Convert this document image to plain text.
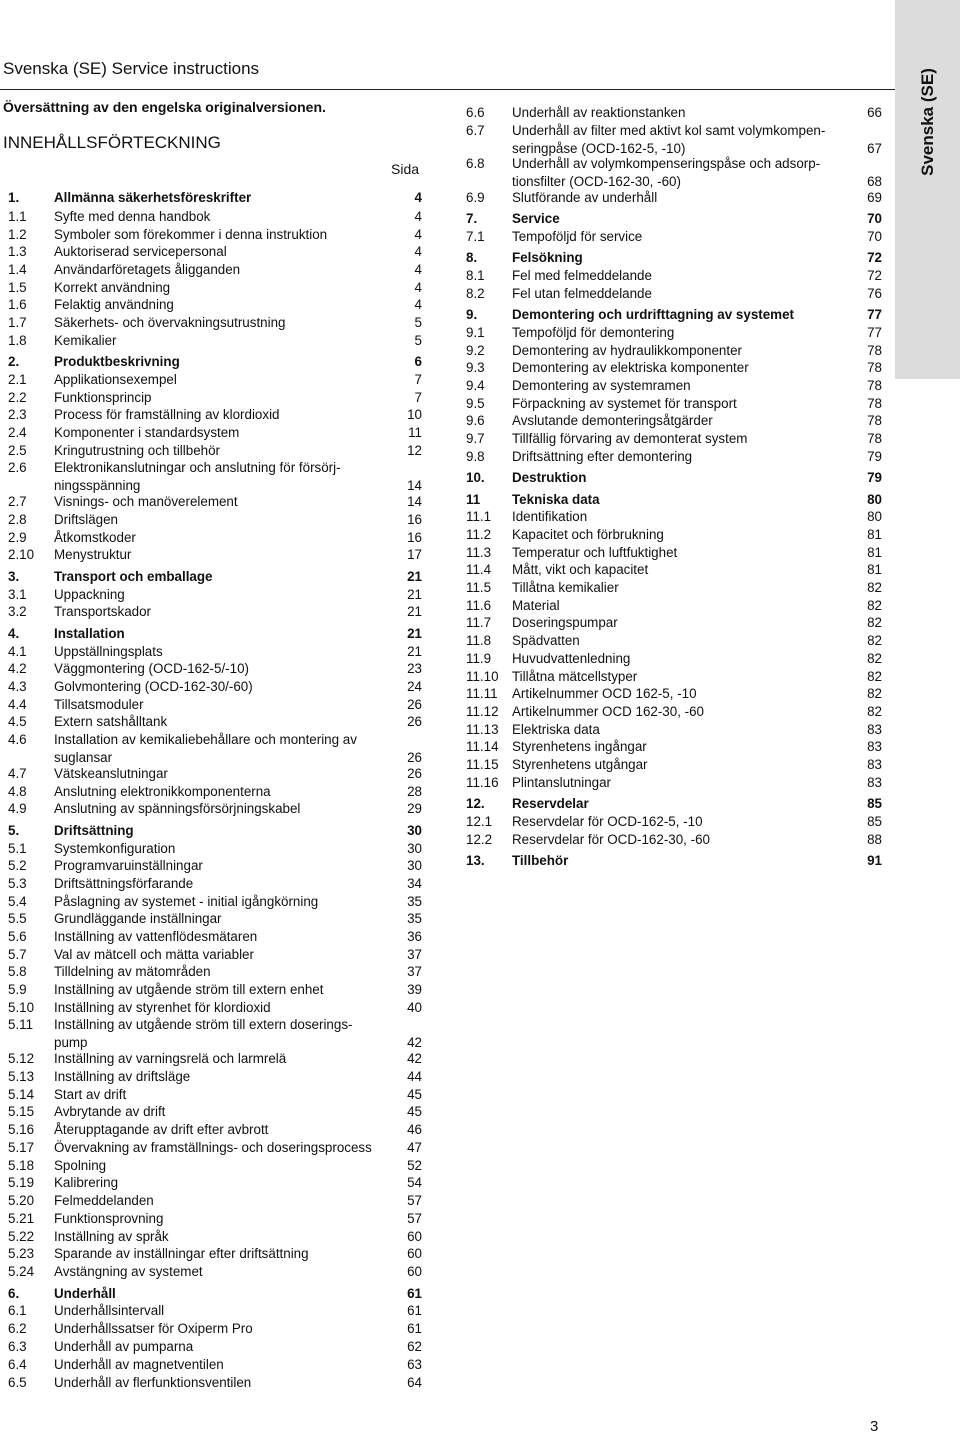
Svenska (SE) Service instructions
Översättning av den engelska originalversionen.
INNEHÅLLSFÖRTECKNING
Sida
1.	Allmänna säkerhetsföreskrifter	4
1.1 Syfte med denna handbok	4
1.2 Symboler som förekommer i denna instruktion	4
1.3 Auktoriserad servicepersonal	4
1.4 Användarföretagets åligganden	4
1.5 Korrekt användning	4
1.6 Felaktig användning	4
1.7 Säkerhets- och övervakningsutrustning	5
1.8 Kemikalier	5
2.	Produktbeskrivning	6
2.1 Applikationsexempel	7
2.2 Funktionsprincip	7
2.3 Process för framställning av klordioxid	10
2.4 Komponenter i standardsystem	11
2.5 Kringutrustning och tillbehör	12
2.6 Elektronikanslutningar och anslutning för försörj-
ningsspänning	14
2.7 Visnings- och manöverelement	14
2.8 Driftslägen	16
2.9 Åtkomstkoder	16
2.10 Menystruktur	17
3.	Transport och emballage	21
3.1 Uppackning	21
3.2 Transportskador	21
4.	Installation	21
4.1 Uppställningsplats	21
4.2 Väggmontering (OCD-162-5/-10)	23
4.3 Golvmontering (OCD-162-30/-60)	24
4.4 Tillsatsmoduler	26
4.5 Extern satshålltank	26
4.6 Installation av kemikaliebehållare och montering av
suglansar	26
4.7 Vätskeanslutningar	26
4.8 Anslutning elektronikkomponenterna	28
4.9 Anslutning av spänningsförsörjningskabel	29
5.	Driftsättning	30
5.1 Systemkonfiguration	30
5.2 Programvaruinställningar	30
5.3 Driftsättningsförfarande	34
5.4 Påslagning av systemet - initial igångkörning	35
5.5 Grundläggande inställningar	35
5.6 Inställning av vattenflödesmätaren	36
5.7 Val av mätcell och mätta variabler	37
5.8 Tilldelning av mätområden	37
5.9 Inställning av utgående ström till extern enhet	39
5.10 Inställning av styrenhet för klordioxid	40
5.11 Inställning av utgående ström till extern doserings-
pump	42
5.12 Inställning av varningsrelä och larmrelä	42
5.13 Inställning av driftsläge	44
5.14 Start av drift	45
5.15 Avbrytande av drift	45
5.16 Återupptagande av drift efter avbrott	46
5.17 Övervakning av framställnings- och doseringsprocess	47
5.18 Spolning	52
5.19 Kalibrering	54
5.20 Felmeddelanden	57
5.21 Funktionsprovning	57
5.22 Inställning av språk	60
5.23 Sparande av inställningar efter driftsättning	60
5.24 Avstängning av systemet	60
6.	Underhåll	61
6.1 Underhållsintervall	61
6.2 Underhållssatser för Oxiperm Pro	61
6.3 Underhåll av pumparna	62
6.4 Underhåll av magnetventilen	63
6.5 Underhåll av flerfunktionsventilen	64
6.6 Underhåll av reaktionstanken	66
6.7 Underhåll av filter med aktivt kol samt volymkompen-
seringpåse (OCD-162-5, -10)	67
6.8 Underhåll av volymkompenseringspåse och adsorp-
tionsfilter (OCD-162-30, -60)	68
6.9 Slutförande av underhåll	69
7.	Service	70
7.1 Tempoföljd för service	70
8.	Felsökning	72
8.1 Fel med felmeddelande	72
8.2 Fel utan felmeddelande	76
9.	Demontering och urdrifttagning av systemet	77
9.1 Tempoföljd för demontering	77
9.2 Demontering av hydraulikkomponenter	78
9.3 Demontering av elektriska komponenter	78
9.4 Demontering av systemramen	78
9.5 Förpackning av systemet för transport	78
9.6 Avslutande demonteringsåtgärder	78
9.7 Tillfällig förvaring av demonterat system	78
9.8 Driftsättning efter demontering	79
10. Destruktion	79
11 Tekniska data	80
11.1 Identifikation	80
11.2 Kapacitet och förbrukning	81
11.3 Temperatur och luftfuktighet	81
11.4 Mått, vikt och kapacitet	81
11.5 Tillåtna kemikalier	82
11.6 Material	82
11.7 Doseringspumpar	82
11.8 Spädvatten	82
11.9 Huvudvattenledning	82
11.10 Tillåtna mätcellstyper	82
11.11 Artikelnummer OCD 162-5, -10	82
11.12 Artikelnummer OCD 162-30, -60	82
11.13 Elektriska data	83
11.14 Styrenhetens ingångar	83
11.15 Styrenhetens utgångar	83
11.16 Plintanslutningar	83
12. Reservdelar	85
12.1 Reservdelar för OCD-162-5, -10	85
12.2 Reservdelar för OCD-162-30, -60	88
13. Tillbehör	91
Svenska (SE)
3
